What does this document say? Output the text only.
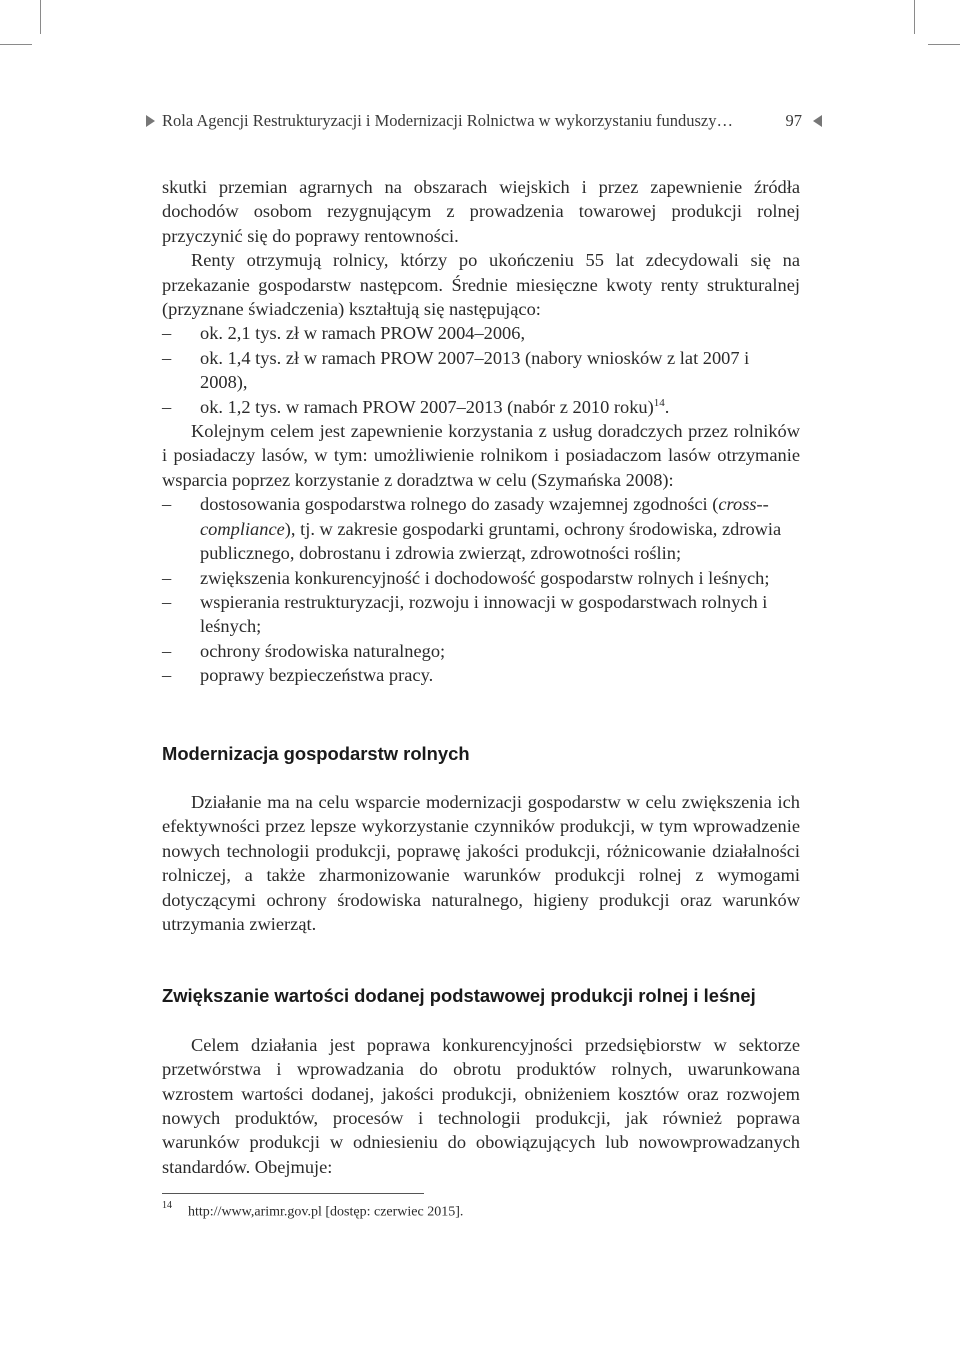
Rola Agencji Restrukturyzacji i Modernizacji Rolnictwa w wykorzystaniu funduszy…	97

skutki przemian agrarnych na obszarach wiejskich i przez zapewnienie źródła dochodów osobom rezygnującym z prowadzenia towarowej produkcji rolnej przyczynić się do poprawy rentowności.

Renty otrzymują rolnicy, którzy po ukończeniu 55 lat zdecydowali się na przekazanie gospodarstw następcom. Średnie miesięczne kwoty renty strukturalnej (przyznane świadczenia) kształtują się następująco:

– ok. 2,1 tys. zł w ramach PROW 2004–2006,

– ok. 1,4 tys. zł w ramach PROW 2007–2013 (nabory wniosków z lat 2007 i 2008),

– ok. 1,2 tys. w ramach PROW 2007–2013 (nabór z 2010 roku)$^{14}$.

Kolejnym celem jest zapewnienie korzystania z usług doradczych przez rolników i posiadaczy lasów, w tym: umożliwienie rolnikom i posiadaczom lasów otrzymanie wsparcia poprzez korzystanie z doradztwa w celu (Szymańska 2008):

– dostosowania gospodarstwa rolnego do zasady wzajemnej zgodności (cross--compliance), tj. w zakresie gospodarki gruntami, ochrony środowiska, zdrowia publicznego, dobrostanu i zdrowia zwierząt, zdrowotności roślin;

– zwiększenia konkurencyjność i dochodowość gospodarstw rolnych i leśnych;

– wspierania restrukturyzacji, rozwoju i innowacji w gospodarstwach rolnych i leśnych;

– ochrony środowiska naturalnego;

– poprawy bezpieczeństwa pracy.

Modernizacja gospodarstw rolnych

Działanie ma na celu wsparcie modernizacji gospodarstw w celu zwiększenia ich efektywności przez lepsze wykorzystanie czynników produkcji, w tym wprowadzenie nowych technologii produkcji, poprawę jakości produkcji, różnicowanie działalności rolniczej, a także zharmonizowanie warunków produkcji rolnej z wymogami dotyczącymi ochrony środowiska naturalnego, higieny produkcji oraz warunków utrzymania zwierząt.

Zwiększanie wartości dodanej podstawowej produkcji rolnej i leśnej

Celem działania jest poprawa konkurencyjności przedsiębiorstw w sektorze przetwórstwa i wprowadzania do obrotu produktów rolnych, uwarunkowana wzrostem wartości dodanej, jakości produkcji, obniżeniem kosztów oraz rozwojem nowych produktów, procesów i technologii produkcji, jak również poprawa warunków produkcji w odniesieniu do obowiązujących lub nowowprowadzanych standardów. Obejmuje:

$^{14}$ http://www,arimr.gov.pl [dostęp: czerwiec 2015].
